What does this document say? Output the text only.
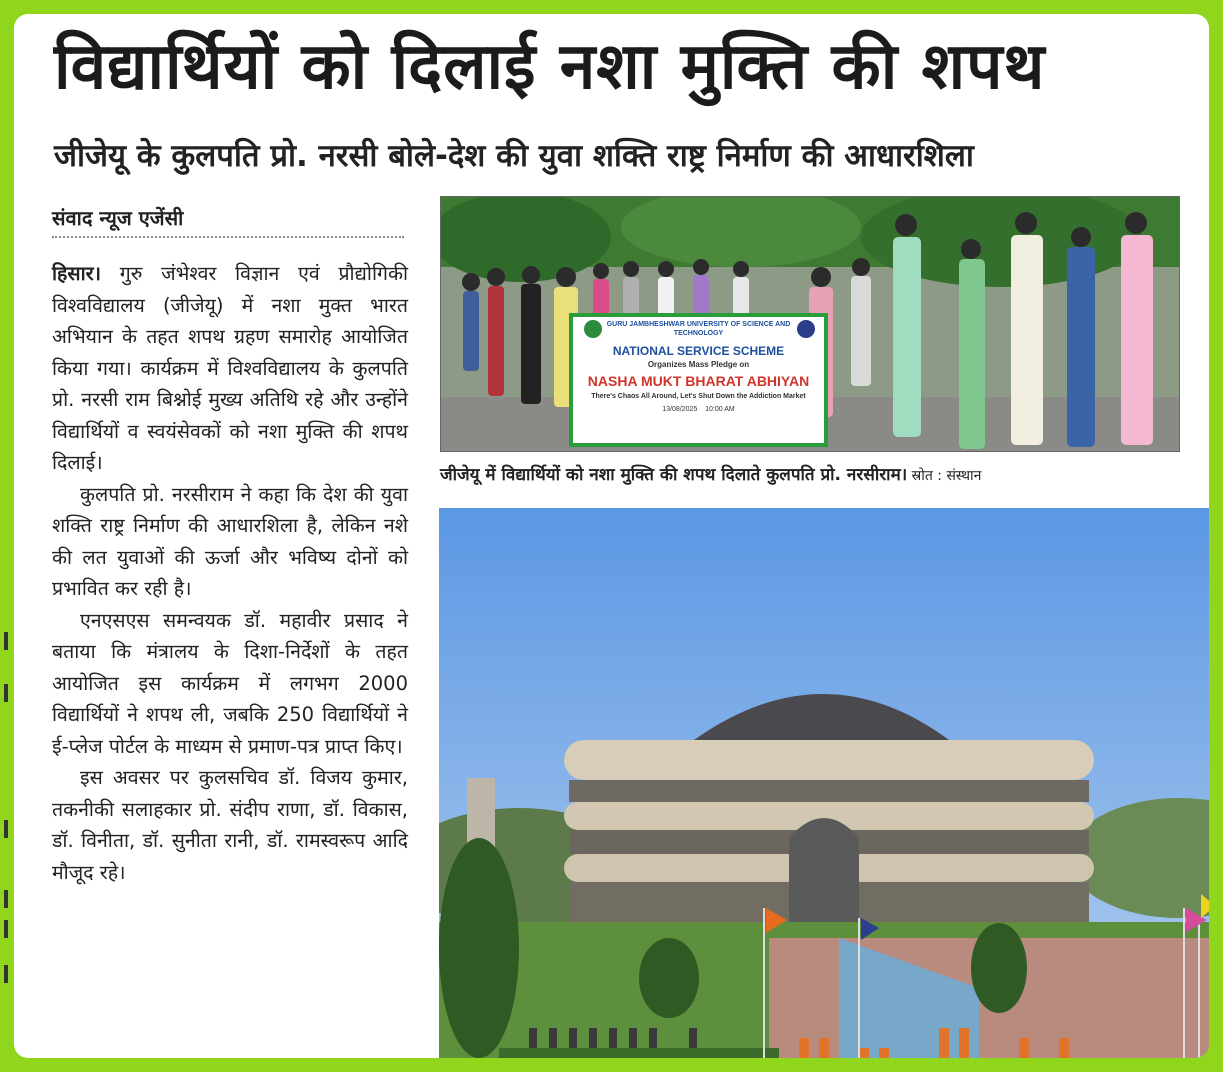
विद्यार्थियों को दिलाई नशा मुक्ति की शपथ
जीजेयू के कुलपति प्रो. नरसी बोले-देश की युवा शक्ति राष्ट्र निर्माण की आधारशिला
संवाद न्यूज एजेंसी

हिसार। गुरु जंभेश्वर विज्ञान एवं प्रौद्योगिकी विश्वविद्यालय (जीजेयू) में नशा मुक्त भारत अभियान के तहत शपथ ग्रहण समारोह आयोजित किया गया। कार्यक्रम में विश्वविद्यालय के कुलपति प्रो. नरसी राम बिश्नोई मुख्य अतिथि रहे और उन्होंने विद्यार्थियों व स्वयंसेवकों को नशा मुक्ति की शपथ दिलाई।

कुलपति प्रो. नरसीराम ने कहा कि देश की युवा शक्ति राष्ट्र निर्माण की आधारशिला है, लेकिन नशे की लत युवाओं की ऊर्जा और भविष्य दोनों को प्रभावित कर रही है।

एनएसएस समन्वयक डॉ. महावीर प्रसाद ने बताया कि मंत्रालय के दिशा-निर्देशों के तहत आयोजित इस कार्यक्रम में लगभग 2000 विद्यार्थियों ने शपथ ली, जबकि 250 विद्यार्थियों ने ई-प्लेज पोर्टल के माध्यम से प्रमाण-पत्र प्राप्त किए।

इस अवसर पर कुलसचिव डॉ. विजय कुमार, तकनीकी सलाहकार प्रो. संदीप राणा, डॉ. विकास, डॉ. विनीता, डॉ. सुनीता रानी, डॉ. रामस्वरूप आदि मौजूद रहे।

GURU JAMBHESHWAR UNIVERSITY OF SCIENCE AND TECHNOLOGY
NATIONAL SERVICE SCHEME
Organizes Mass Pledge on
NASHA MUKT BHARAT ABHIYAN
There's Chaos All Around, Let's Shut Down the Addiction Market
13/08/2025 10:00 AM
जीजेयू में विद्यार्थियों को नशा मुक्ति की शपथ दिलाते कुलपति प्रो. नरसीराम। स्रोत : संस्थान
